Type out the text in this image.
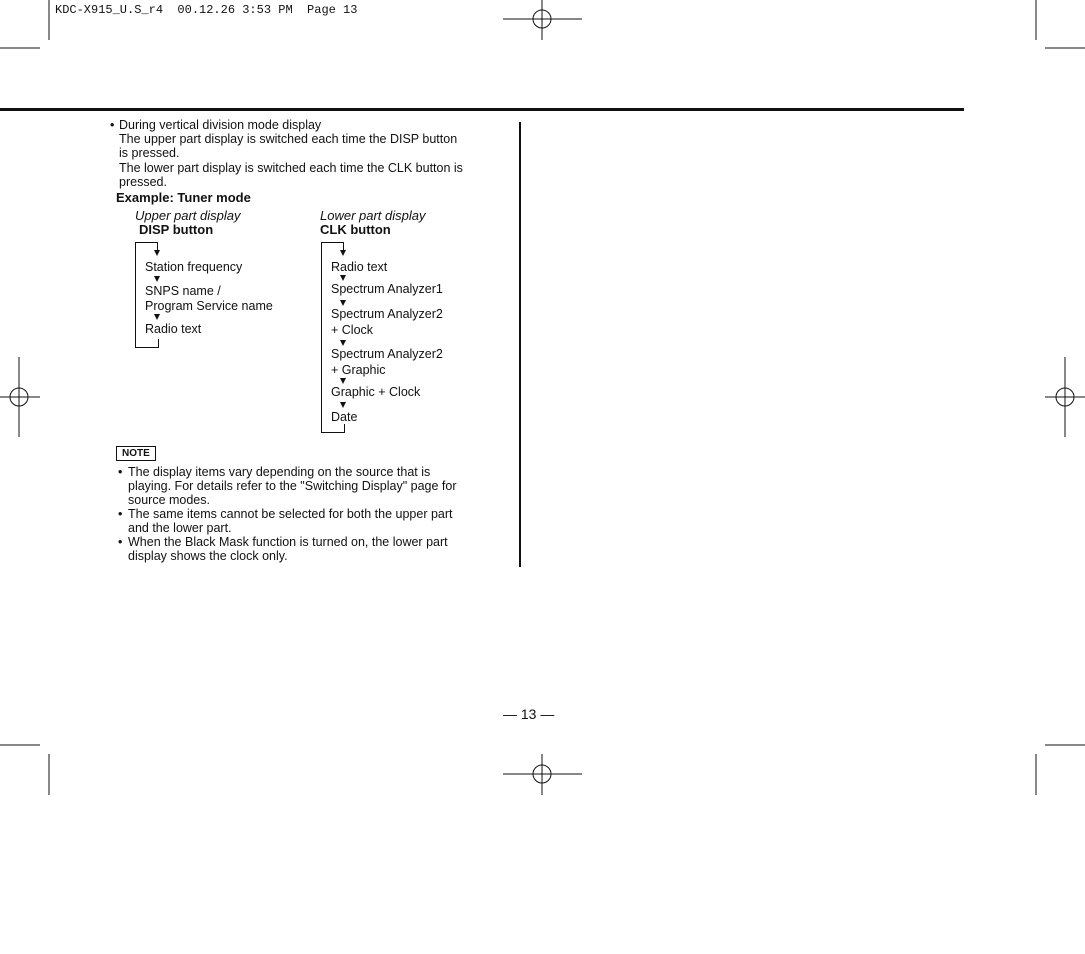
KDC-X915_U.S_r4  00.12.26 3:53 PM  Page 13
• During vertical division mode display
The upper part display is switched each time the DISP button
is pressed.
The lower part display is switched each time the CLK button is
pressed.
Example: Tuner mode
Upper part display
DISP button
Station frequency
SNPS name /
Program Service name
Radio text
Lower part display
CLK button
Radio text
Spectrum Analyzer1
Spectrum Analyzer2
+ Clock
Spectrum Analyzer2
+ Graphic
Graphic + Clock
Date
NOTE
• The display items vary depending on the source that is
playing. For details refer to the "Switching Display" page for
source modes.
• The same items cannot be selected for both the upper part
and the lower part.
• When the Black Mask function is turned on, the lower part
display shows the clock only.
— 13 —
